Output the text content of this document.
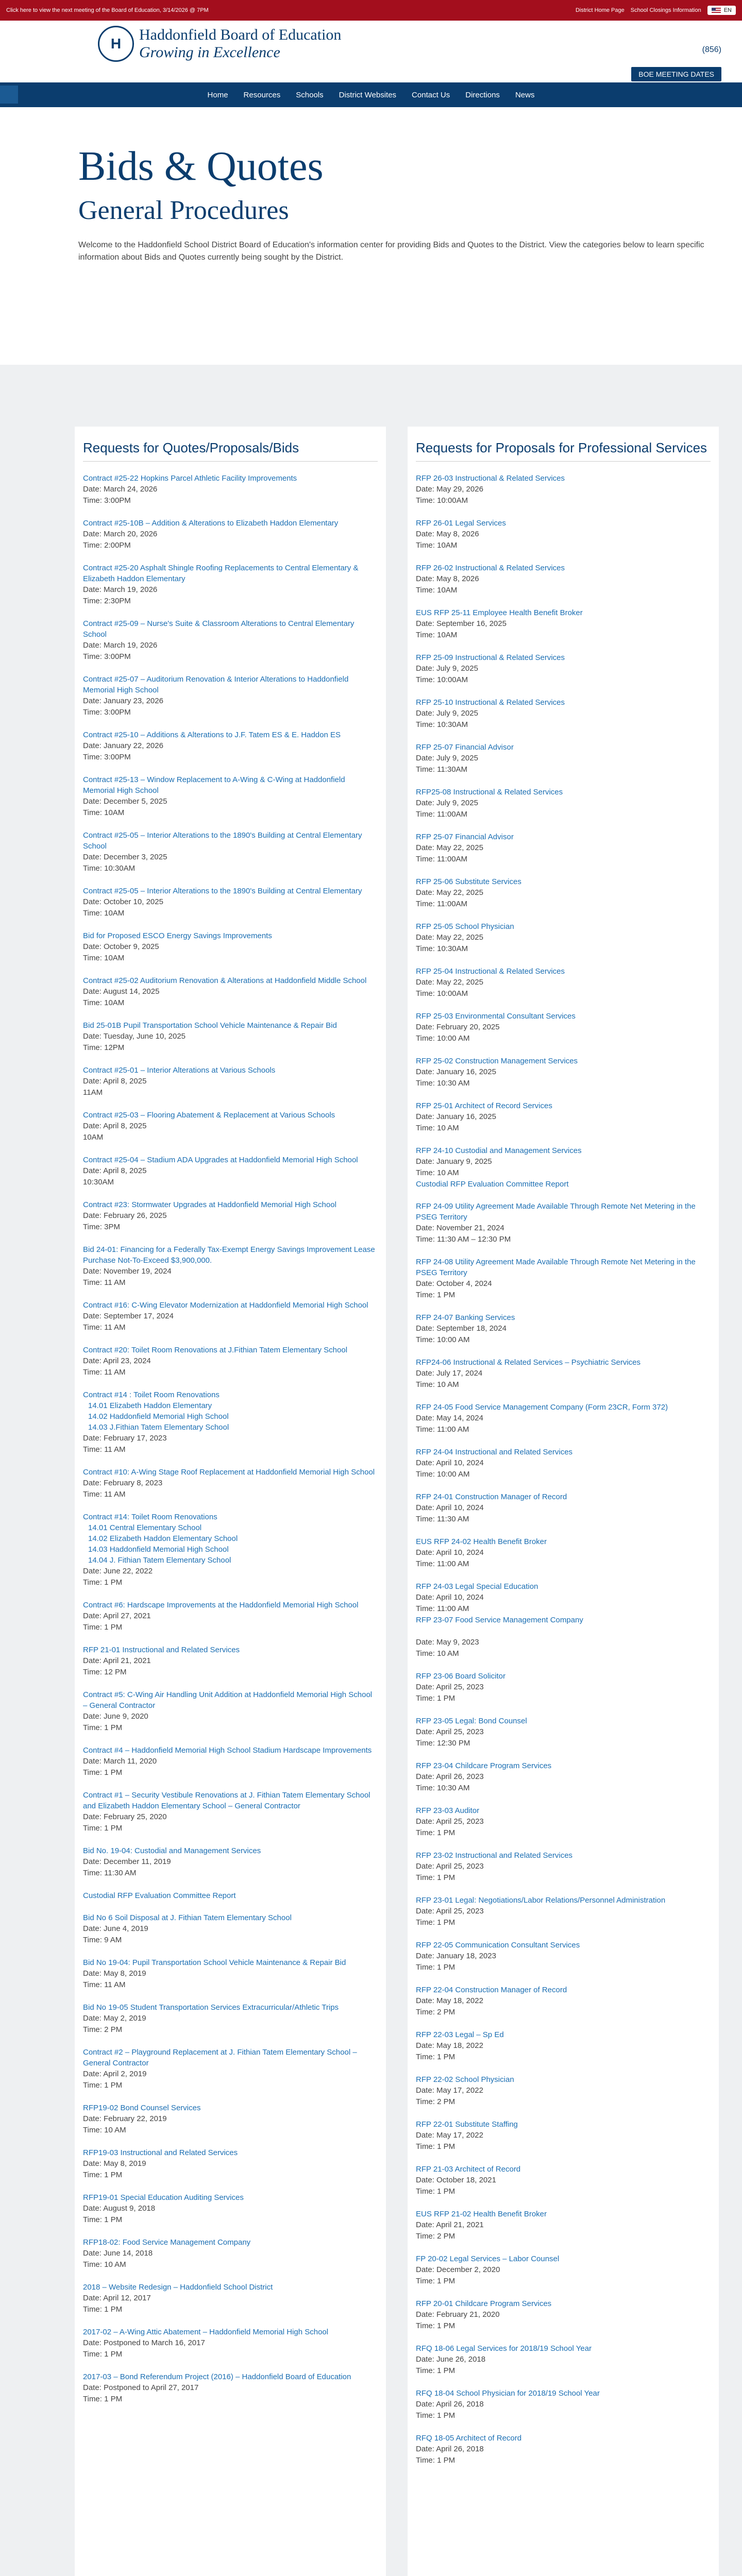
Click here to view the next meeting of the Board of Education, 3/14/2026 @ 7PM	District Home Page School Closings Information	EN
H
Haddonfield Board of Education
Growing in Excellence	(856)
BOE MEETING DATES
Home Resources Schools District Websites Contact Us Directions News
Bids & Quotes
General Procedures

Welcome to the Haddonfield School District Board of Education's information center for providing Bids and Quotes to the District. View the categories below to learn specific information about Bids and Quotes currently being sought by the District.

Requests for Quotes/Proposals/Bids
Contract #25-22 Hopkins Parcel Athletic Facility Improvements
Date: March 24, 2026
Time: 3:00PM
Contract #25-10B – Addition & Alterations to Elizabeth Haddon Elementary
Date: March 20, 2026
Time: 2:00PM
Contract #25-20 Asphalt Shingle Roofing Replacements to Central Elementary & Elizabeth Haddon Elementary
Date: March 19, 2026
Time: 2:30PM
Contract #25-09 – Nurse's Suite & Classroom Alterations to Central Elementary School
Date: March 19, 2026
Time: 3:00PM
Contract #25-07 – Auditorium Renovation & Interior Alterations to Haddonfield Memorial High School
Date: January 23, 2026
Time: 3:00PM
Contract #25-10 – Additions & Alterations to J.F. Tatem ES & E. Haddon ES
Date: January 22, 2026
Time: 3:00PM
Contract #25-13 – Window Replacement to A-Wing & C-Wing at Haddonfield Memorial High School
Date: December 5, 2025
Time: 10AM
Contract #25-05 – Interior Alterations to the 1890's Building at Central Elementary School
Date: December 3, 2025
Time: 10:30AM
Contract #25-05 – Interior Alterations to the 1890's Building at Central Elementary
Date: October 10, 2025
Time: 10AM
Bid for Proposed ESCO Energy Savings Improvements
Date: October 9, 2025
Time: 10AM
Contract #25-02 Auditorium Renovation & Alterations at Haddonfield Middle School
Date: August 14, 2025
Time: 10AM
Bid 25-01B Pupil Transportation School Vehicle Maintenance & Repair Bid
Date: Tuesday, June 10, 2025
Time: 12PM
Contract #25-01 – Interior Alterations at Various Schools
Date: April 8, 2025
11AM
Contract #25-03 – Flooring Abatement & Replacement at Various Schools
Date: April 8, 2025
10AM
Contract #25-04 – Stadium ADA Upgrades at Haddonfield Memorial High School
Date: April 8, 2025
10:30AM
Contract #23: Stormwater Upgrades at Haddonfield Memorial High School
Date: February 26, 2025
Time: 3PM
Bid 24-01: Financing for a Federally Tax-Exempt Energy Savings Improvement Lease Purchase Not-To-Exceed $3,900,000.
Date: November 19, 2024
Time: 11 AM
Contract #16: C-Wing Elevator Modernization at Haddonfield Memorial High School
Date: September 17, 2024
Time: 11 AM
Contract #20: Toilet Room Renovations at J.Fithian Tatem Elementary School
Date: April 23, 2024
Time: 11 AM
Contract #14 : Toilet Room Renovations
14.01 Elizabeth Haddon Elementary
14.02 Haddonfield Memorial High School
14.03 J.Fithian Tatem Elementary School
Date: February 17, 2023
Time: 11 AM
Contract #10: A-Wing Stage Roof Replacement at Haddonfield Memorial High School
Date: February 8, 2023
Time: 11 AM
Contract #14: Toilet Room Renovations
14.01 Central Elementary School
14.02 Elizabeth Haddon Elementary School
14.03 Haddonfield Memorial High School
14.04 J. Fithian Tatem Elementary School
Date: June 22, 2022
Time: 1 PM
Contract #6: Hardscape Improvements at the Haddonfield Memorial High School
Date: April 27, 2021
Time: 1 PM
RFP 21-01 Instructional and Related Services
Date: April 21, 2021
Time: 12 PM
Contract #5: C-Wing Air Handling Unit Addition at Haddonfield Memorial High School – General Contractor
Date: June 9, 2020
Time: 1 PM
Contract #4 – Haddonfield Memorial High School Stadium Hardscape Improvements
Date: March 11, 2020
Time: 1 PM
Contract #1 – Security Vestibule Renovations at J. Fithian Tatem Elementary School and Elizabeth Haddon Elementary School – General Contractor
Date: February 25, 2020
Time: 1 PM
Bid No. 19-04: Custodial and Management Services
Date: December 11, 2019
Time: 11:30 AM
Custodial RFP Evaluation Committee Report
Bid No 6 Soil Disposal at J. Fithian Tatem Elementary School
Date: June 4, 2019
Time: 9 AM
Bid No 19-04: Pupil Transportation School Vehicle Maintenance & Repair Bid
Date: May 8, 2019
Time: 11 AM
Bid No 19-05 Student Transportation Services Extracurricular/Athletic Trips
Date: May 2, 2019
Time: 2 PM
Contract #2 – Playground Replacement at J. Fithian Tatem Elementary School – General Contractor
Date: April 2, 2019
Time: 1 PM
RFP19-02 Bond Counsel Services
Date: February 22, 2019
Time: 10 AM
RFP19-03 Instructional and Related Services
Date: May 8, 2019
Time: 1 PM
RFP19-01 Special Education Auditing Services
Date: August 9, 2018
Time: 1 PM
RFP18-02: Food Service Management Company
Date: June 14, 2018
Time: 10 AM
2018 – Website Redesign – Haddonfield School District
Date: April 12, 2017
Time: 1 PM
2017-02 – A-Wing Attic Abatement – Haddonfield Memorial High School
Date: Postponed to March 16, 2017
Time: 1 PM
2017-03 – Bond Referendum Project (2016) – Haddonfield Board of Education
Date: Postponed to April 27, 2017
Time: 1 PM
Requests for Proposals for Professional Services
RFP 26-03 Instructional & Related Services
Date: May 29, 2026
Time: 10:00AM
RFP 26-01 Legal Services
Date: May 8, 2026
Time: 10AM
RFP 26-02 Instructional & Related Services
Date: May 8, 2026
Time: 10AM
EUS RFP 25-11 Employee Health Benefit Broker
Date: September 16, 2025
Time: 10AM
RFP 25-09 Instructional & Related Services
Date: July 9, 2025
Time: 10:00AM
RFP 25-10 Instructional & Related Services
Date: July 9, 2025
Time: 10:30AM
RFP 25-07 Financial Advisor
Date: July 9, 2025
Time: 11:30AM
RFP25-08 Instructional & Related Services
Date: July 9, 2025
Time: 11:00AM
RFP 25-07 Financial Advisor
Date: May 22, 2025
Time: 11:00AM
RFP 25-06 Substitute Services
Date: May 22, 2025
Time: 11:00AM
RFP 25-05 School Physician
Date: May 22, 2025
Time: 10:30AM
RFP 25-04 Instructional & Related Services
Date: May 22, 2025
Time: 10:00AM
RFP 25-03 Environmental Consultant Services
Date: February 20, 2025
Time: 10:00 AM
RFP 25-02 Construction Management Services
Date: January 16, 2025
Time: 10:30 AM
RFP 25-01 Architect of Record Services
Date: January 16, 2025
Time: 10 AM
RFP 24-10 Custodial and Management Services
Date: January 9, 2025
Time: 10 AM
Custodial RFP Evaluation Committee Report
RFP 24-09 Utility Agreement Made Available Through Remote Net Metering in the PSEG Territory
Date: November 21, 2024
Time: 11:30 AM – 12:30 PM
RFP 24-08 Utility Agreement Made Available Through Remote Net Metering in the PSEG Territory
Date: October 4, 2024
Time: 1 PM
RFP 24-07 Banking Services
Date: September 18, 2024
Time: 10:00 AM
RFP24-06 Instructional & Related Services – Psychiatric Services
Date: July 17, 2024
Time: 10 AM
RFP 24-05 Food Service Management Company (Form 23CR, Form 372)
Date: May 14, 2024
Time: 11:00 AM
RFP 24-04 Instructional and Related Services
Date: April 10, 2024
Time: 10:00 AM
RFP 24-01 Construction Manager of Record
Date: April 10, 2024
Time: 11:30 AM
EUS RFP 24-02 Health Benefit Broker
Date: April 10, 2024
Time: 11:00 AM
RFP 24-03 Legal Special Education
Date: April 10, 2024
Time: 11:00 AM
RFP 23-07 Food Service Management Company
Date: May 9, 2023
Time: 10 AM
RFP 23-06 Board Solicitor
Date: April 25, 2023
Time: 1 PM
RFP 23-05 Legal: Bond Counsel
Date: April 25, 2023
Time: 12:30 PM
RFP 23-04 Childcare Program Services
Date: April 26, 2023
Time: 10:30 AM
RFP 23-03 Auditor
Date: April 25, 2023
Time: 1 PM
RFP 23-02 Instructional and Related Services
Date: April 25, 2023
Time: 1 PM
RFP 23-01 Legal: Negotiations/Labor Relations/Personnel Administration
Date: April 25, 2023
Time: 1 PM
RFP 22-05 Communication Consultant Services
Date: January 18, 2023
Time: 1 PM
RFP 22-04 Construction Manager of Record
Date: May 18, 2022
Time: 2 PM
RFP 22-03 Legal – Sp Ed
Date: May 18, 2022
Time: 1 PM
RFP 22-02 School Physician
Date: May 17, 2022
Time: 2 PM
RFP 22-01 Substitute Staffing
Date: May 17, 2022
Time: 1 PM
RFP 21-03 Architect of Record
Date: October 18, 2021
Time: 1 PM
EUS RFP 21-02 Health Benefit Broker
Date: April 21, 2021
Time: 2 PM
FP 20-02 Legal Services – Labor Counsel
Date: December 2, 2020
Time: 1 PM
RFP 20-01 Childcare Program Services
Date: February 21, 2020
Time: 1 PM
RFQ 18-06 Legal Services for 2018/19 School Year
Date: June 26, 2018
Time: 1 PM
RFQ 18-04 School Physician for 2018/19 School Year
Date: April 26, 2018
Time: 1 PM
RFQ 18-05 Architect of Record
Date: April 26, 2018
Time: 1 PM
